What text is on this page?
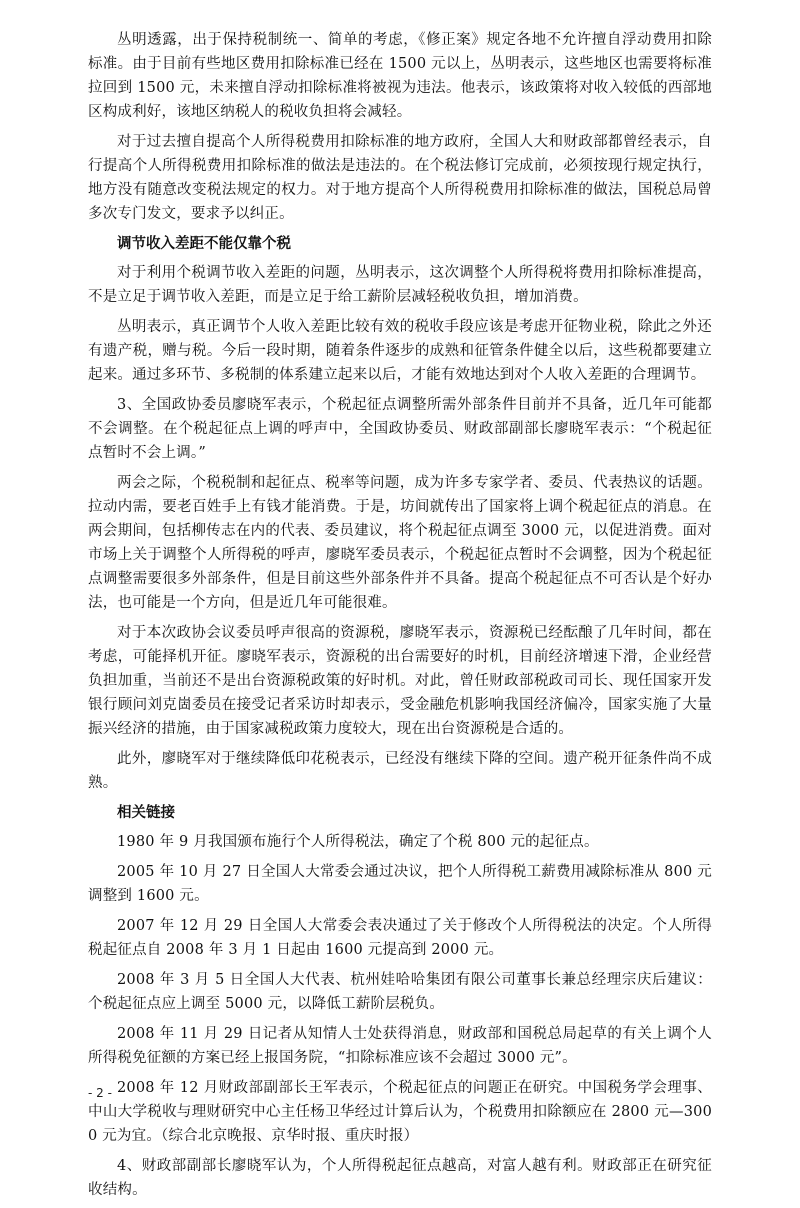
丛明透露，出于保持税制统一、简单的考虑，《修正案》规定各地不允许擅自浮动费用扣除标准。由于目前有些地区费用扣除标准已经在 1500 元以上，丛明表示，这些地区也需要将标准拉回到 1500 元，未来擅自浮动扣除标准将被视为违法。他表示，该政策将对收入较低的西部地区构成利好，该地区纳税人的税收负担将会减轻。

对于过去擅自提高个人所得税费用扣除标准的地方政府，全国人大和财政部都曾经表示，自行提高个人所得税费用扣除标准的做法是违法的。在个税法修订完成前，必须按现行规定执行，地方没有随意改变税法规定的权力。对于地方提高个人所得税费用扣除标准的做法，国税总局曾多次专门发文，要求予以纠正。

调节收入差距不能仅靠个税

对于利用个税调节收入差距的问题，丛明表示，这次调整个人所得税将费用扣除标准提高，不是立足于调节收入差距，而是立足于给工薪阶层减轻税收负担，增加消费。

丛明表示，真正调节个人收入差距比较有效的税收手段应该是考虑开征物业税，除此之外还有遗产税，赠与税。今后一段时期，随着条件逐步的成熟和征管条件健全以后，这些税都要建立起来。通过多环节、多税制的体系建立起来以后，才能有效地达到对个人收入差距的合理调节。

3、全国政协委员廖晓军表示，个税起征点调整所需外部条件目前并不具备，近几年可能都不会调整。在个税起征点上调的呼声中，全国政协委员、财政部副部长廖晓军表示：“个税起征点暂时不会上调。”

两会之际，个税税制和起征点、税率等问题，成为许多专家学者、委员、代表热议的话题。拉动内需，要老百姓手上有钱才能消费。于是，坊间就传出了国家将上调个税起征点的消息。在两会期间，包括柳传志在内的代表、委员建议，将个税起征点调至 3000 元，以促进消费。面对市场上关于调整个人所得税的呼声，廖晓军委员表示，个税起征点暂时不会调整，因为个税起征点调整需要很多外部条件，但是目前这些外部条件并不具备。提高个税起征点不可否认是个好办法，也可能是一个方向，但是近几年可能很难。

对于本次政协会议委员呼声很高的资源税，廖晓军表示，资源税已经酝酿了几年时间，都在考虑，可能择机开征。廖晓军表示，资源税的出台需要好的时机，目前经济增速下滑，企业经营负担加重，当前还不是出台资源税政策的好时机。对此，曾任财政部税政司司长、现任国家开发银行顾问刘克崮委员在接受记者采访时却表示，受金融危机影响我国经济偏冷，国家实施了大量振兴经济的措施，由于国家减税政策力度较大，现在出台资源税是合适的。

此外，廖晓军对于继续降低印花税表示，已经没有继续下降的空间。遗产税开征条件尚不成熟。

相关链接

1980 年 9 月我国颁布施行个人所得税法，确定了个税 800 元的起征点。

2005 年 10 月 27 日全国人大常委会通过决议，把个人所得税工薪费用减除标准从 800 元调整到 1600 元。

2007 年 12 月 29 日全国人大常委会表决通过了关于修改个人所得税法的决定。个人所得税起征点自 2008 年 3 月 1 日起由 1600 元提高到 2000 元。

2008 年 3 月 5 日全国人大代表、杭州娃哈哈集团有限公司董事长兼总经理宗庆后建议：个税起征点应上调至 5000 元，以降低工薪阶层税负。

2008 年 11 月 29 日记者从知情人士处获得消息，财政部和国税总局起草的有关上调个人所得税免征额的方案已经上报国务院，“扣除标准应该不会超过 3000 元”。

2008 年 12 月财政部副部长王军表示，个税起征点的问题正在研究。中国税务学会理事、中山大学税收与理财研究中心主任杨卫华经过计算后认为，个税费用扣除额应在 2800 元—3000 元为宜。（综合北京晚报、京华时报、重庆时报）

4、财政部副部长廖晓军认为，个人所得税起征点越高，对富人越有利。财政部正在研究征收结构。

- 2 -
